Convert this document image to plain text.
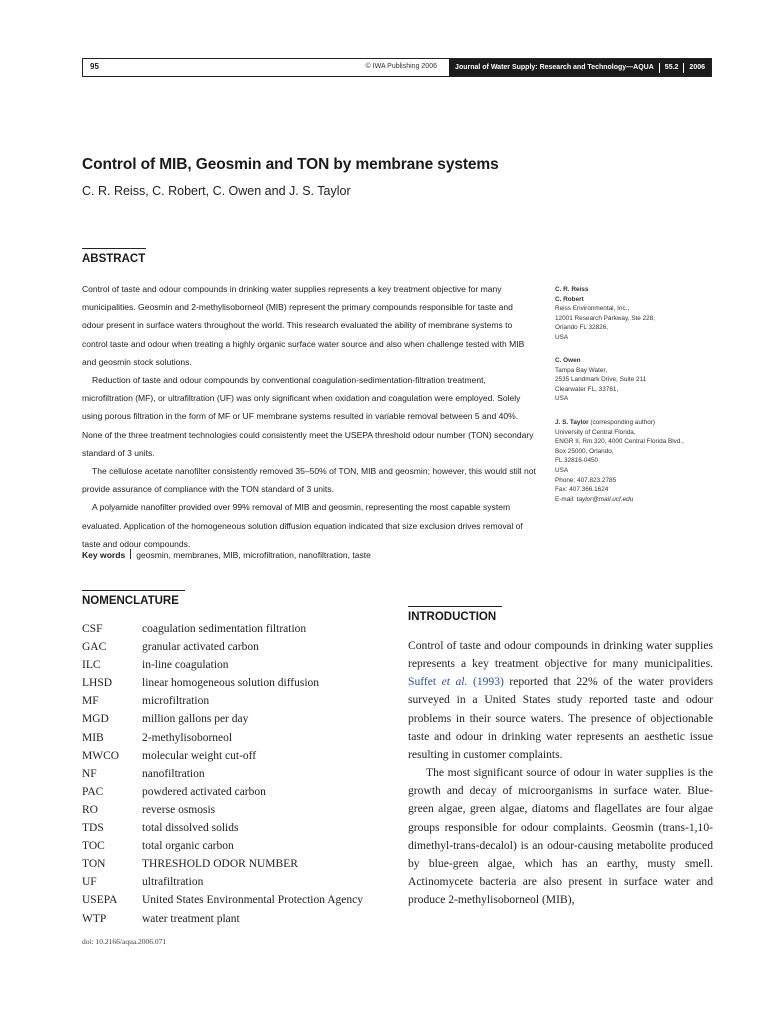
95	© IWA Publishing 2006	Journal of Water Supply: Research and Technology—AQUA 55.2 2006
Control of MIB, Geosmin and TON by membrane systems
C. R. Reiss, C. Robert, C. Owen and J. S. Taylor
ABSTRACT

Control of taste and odour compounds in drinking water supplies represents a key treatment objective for many municipalities. Geosmin and 2-methylisoborneol (MIB) represent the primary compounds responsible for taste and odour present in surface waters throughout the world. This research evaluated the ability of membrane systems to control taste and odour when treating a highly organic surface water source and also when challenge tested with MIB and geosmin stock solutions.

Reduction of taste and odour compounds by conventional coagulation-sedimentation-filtration treatment, microfiltration (MF), or ultrafiltration (UF) was only significant when oxidation and coagulation were employed. Solely using porous filtration in the form of MF or UF membrane systems resulted in variable removal between 5 and 40%. None of the three treatment technologies could consistently meet the USEPA threshold odour number (TON) secondary standard of 3 units.

The cellulose acetate nanofilter consistently removed 35–50% of TON, MIB and geosmin; however, this would still not provide assurance of compliance with the TON standard of 3 units.

A polyamide nanofilter provided over 99% removal of MIB and geosmin, representing the most capable system evaluated. Application of the homogeneous solution diffusion equation indicated that size exclusion drives removal of taste and odour compounds.

Key words geosmin, membranes, MIB, microfiltration, nanofiltration, taste
C. R. Reiss
C. Robert
Reiss Environmental, Inc.,
12001 Research Parkway, Ste 228,
Orlando FL 32826,
USA
C. Owen
Tampa Bay Water,
2535 Landmark Drive, Suite 211
Clearwater FL, 33761,
USA
J. S. Taylor (corresponding author)
University of Central Florida,
ENGR II, Rm 320, 4000 Central Florida Blvd.,
Box 25000, Orlando,
FL 32816-0450
USA
Phone: 407.823.2785
Fax: 407.366.1624
E-mail: taylor@mail.ucf.edu
NOMENCLATURE
CSF	coagulation sedimentation filtration
GAC	granular activated carbon
ILC	in-line coagulation
LHSD	linear homogeneous solution diffusion
MF	microfiltration
MGD	million gallons per day
MIB	2-methylisoborneol
MWCO	molecular weight cut-off
NF	nanofiltration
PAC	powdered activated carbon
RO	reverse osmosis
TDS	total dissolved solids
TOC	total organic carbon
TON	THRESHOLD ODOR NUMBER
UF	ultrafiltration
USEPA	United States Environmental Protection Agency
WTP	water treatment plant
doi: 10.2166/aqua.2006.071
INTRODUCTION

Control of taste and odour compounds in drinking water supplies represents a key treatment objective for many municipalities. Suffet et al. (1993) reported that 22% of the water providers surveyed in a United States study reported taste and odour problems in their source waters. The presence of objectionable taste and odour in drinking water represents an aesthetic issue resulting in customer complaints.

The most significant source of odour in water supplies is the growth and decay of microorganisms in surface water. Blue-green algae, green algae, diatoms and flagellates are four algae groups responsible for odour complaints. Geosmin (trans-1,10-dimethyl-trans-decalol) is an odour-causing metabolite produced by blue-green algae, which has an earthy, musty smell. Actinomycete bacteria are also present in surface water and produce 2-methylisoborneol (MIB),
